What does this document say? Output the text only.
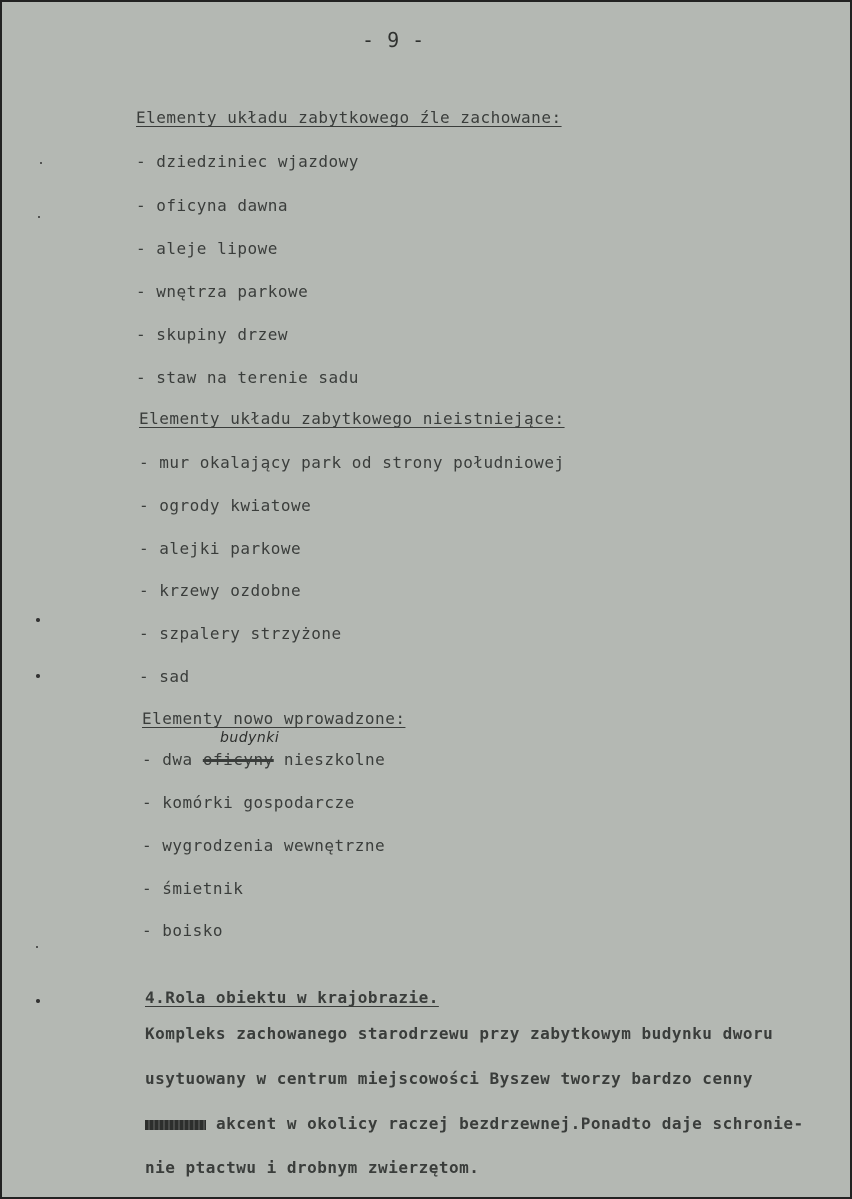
- 9 -
Elementy układu zabytkowego źle zachowane:
- dziedziniec wjazdowy
- oficyna dawna
- aleje lipowe
- wnętrza parkowe
- skupiny drzew
- staw na terenie sadu
Elementy układu zabytkowego nieistniejące:
- mur okalający park od strony południowej
- ogrody kwiatowe
- alejki parkowe
- krzewy ozdobne
- szpalery strzyżone
- sad
Elementy nowo wprowadzone:
budynki
- dwa oficyny nieszkolne
- komórki gospodarcze
- wygrodzenia wewnętrzne
- śmietnik
- boisko
4.Rola obiektu w krajobrazie.
Kompleks zachowanego starodrzewu przy zabytkowym budynku dworu
usytuowany w centrum miejscowości Byszew tworzy bardzo cenny
akcent w okolicy raczej bezdrzewnej.Ponadto daje schronie-
nie ptactwu i drobnym zwierzętom.
